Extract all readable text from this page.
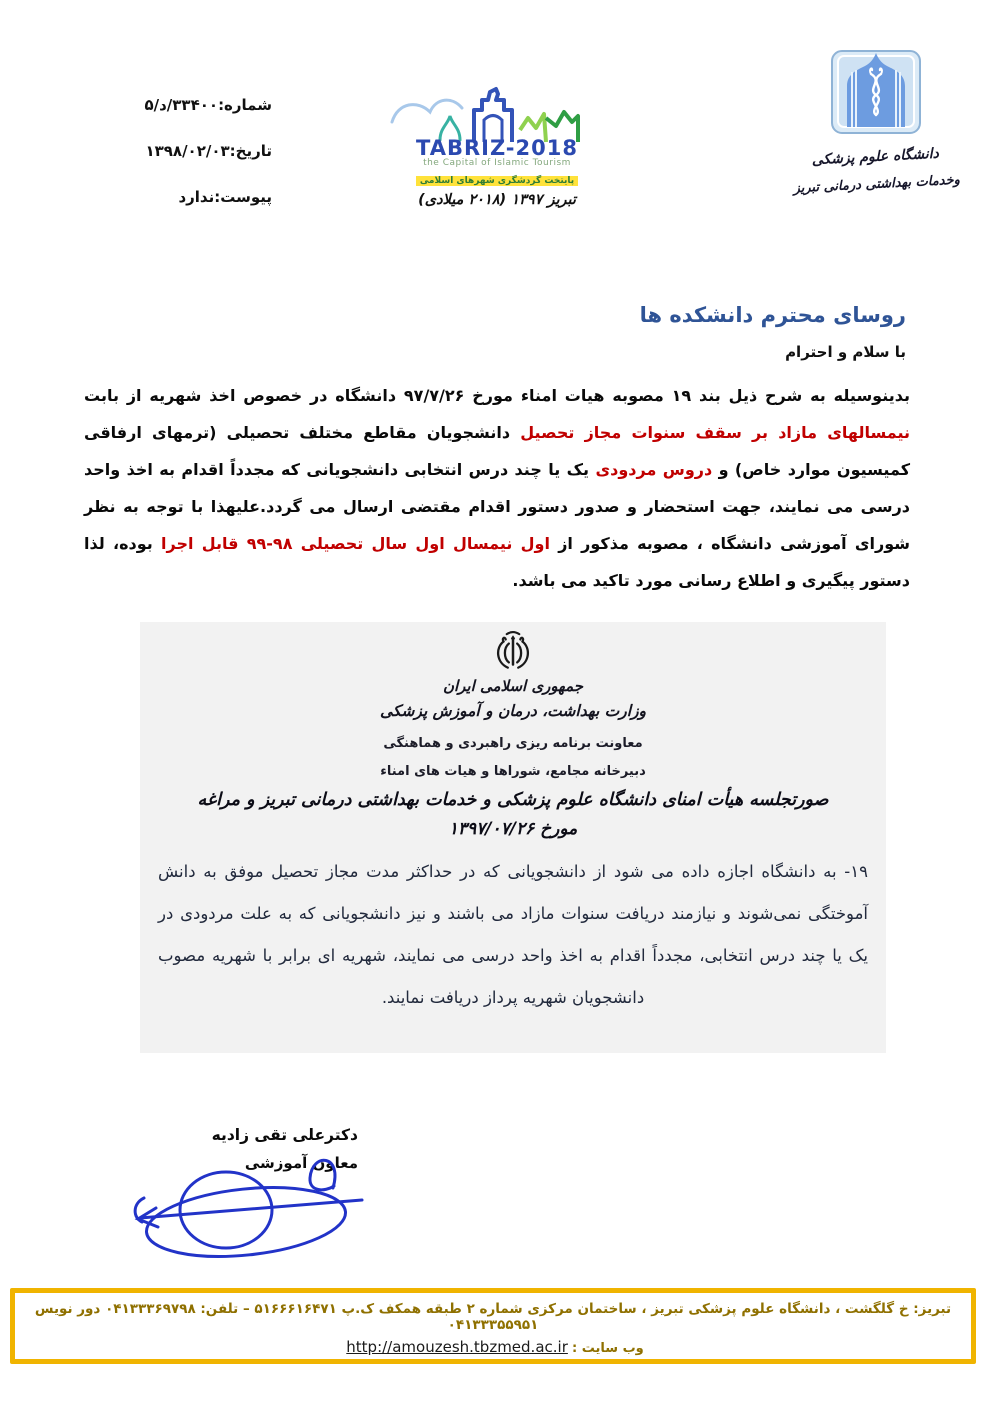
شماره:۳۳۴۰۰/د/۵
تاریخ:۱۳۹۸/۰۲/۰۳
پیوست:ندارد
TABRIZ-2018
the Capital of Islamic Tourism
پایتخت گردشگری شهرهای اسلامی
تبریز ۱۳۹۷ (۲۰۱۸ میلادی)
دانشگاه علوم پزشکی
وخدمات بهداشتی درمانی تبریز
روسای محترم دانشکده ها
با سلام و احترام
بدینوسیله به شرح ذیل بند ۱۹ مصوبه هیات امناء مورخ ۹۷/۷/۲۶ دانشگاه در خصوص اخذ شهریه از بابت نیمسالهای مازاد بر سقف سنوات مجاز تحصیل دانشجویان مقاطع مختلف تحصیلی (ترمهای ارفاقی کمیسیون موارد خاص) و دروس مردودی یک یا چند درس انتخابی دانشجویانی که مجدداً اقدام به اخذ واحد درسی می نمایند، جهت استحضار و صدور دستور اقدام مقتضی ارسال می گردد.علیهذا با توجه به نظر شورای آموزشی دانشگاه ، مصوبه مذکور از اول نیمسال اول سال تحصیلی ۹۸-۹۹ قابل اجرا بوده، لذا دستور پیگیری و اطلاع رسانی مورد تاکید می باشد.
جمهوری اسلامی ایران
وزارت بهداشت، درمان و آموزش پزشکی
معاونت برنامه ریزی راهبردی و هماهنگی
دبیرخانه مجامع، شوراها و هیات های امناء
صورتجلسه هیأت امنای دانشگاه علوم پزشکی و خدمات بهداشتی درمانی تبریز و مراغه
مورخ ۱۳۹۷/۰۷/۲۶
۱۹- به دانشگاه اجازه داده می شود از دانشجویانی که در حداکثر مدت مجاز تحصیل موفق به دانش آموختگی نمی‌شوند و نیازمند دریافت سنوات مازاد می باشند و نیز دانشجویانی که به علت مردودی در یک یا چند درس انتخابی، مجدداً اقدام به اخذ واحد درسی می نمایند، شهریه ای برابر با شهریه مصوب دانشجویان شهریه پرداز دریافت نمایند.
دکترعلی تقی زادیه
معاون آموزشی
تبریز: خ گلگشت ، دانشگاه علوم پزشکی تبریز ، ساختمان مرکزی شماره ۲ طبقه همکف ک.پ ۵۱۶۶۶۱۶۴۷۱ – تلفن: ۰۴۱۳۳۳۶۹۷۹۸ دور نویس ۰۴۱۳۳۳۵۵۹۵۱
وب سایت : http://amouzesh.tbzmed.ac.ir
